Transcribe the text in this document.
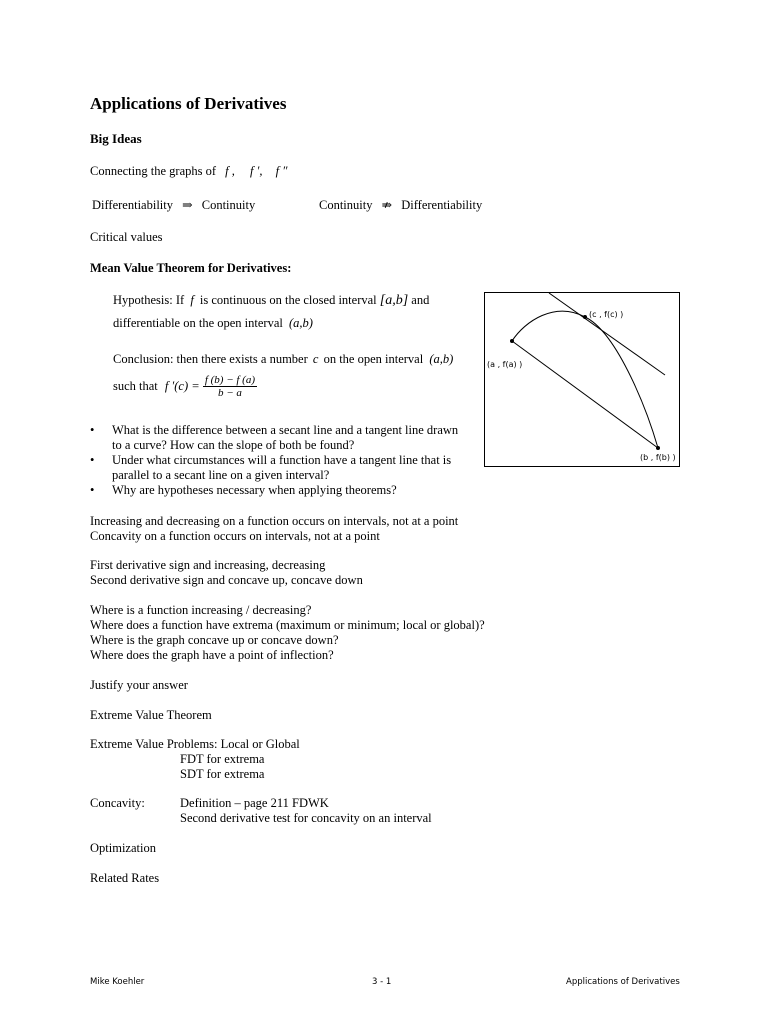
Applications of Derivatives
Big Ideas
Connecting the graphs of f , f ′, f ″
Differentiability ⇒ Continuity	Continuity ⇏ Differentiability
Critical values
Mean Value Theorem for Derivatives:
Hypothesis: If f is continuous on the closed interval [a,b] and
differentiable on the open interval (a,b)
Conclusion: then there exists a number c on the open interval (a,b)
such that f $'(c) = \frac{f (b) - f (a)}{b - a}$
(c , f(c) )
(a , f(a) )
(b , f(b) )
• What is the difference between a secant line and a tangent line drawn
to a curve? How can the slope of both be found?
• Under what circumstances will a function have a tangent line that is
parallel to a secant line on a given interval?
• Why are hypotheses necessary when applying theorems?
Increasing and decreasing on a function occurs on intervals, not at a point
Concavity on a function occurs on intervals, not at a point
First derivative sign and increasing, decreasing
Second derivative sign and concave up, concave down
Where is a function increasing / decreasing?
Where does a function have extrema (maximum or minimum; local or global)?
Where is the graph concave up or concave down?
Where does the graph have a point of inflection?
Justify your answer
Extreme Value Theorem
Extreme Value Problems: Local or Global
FDT for extrema
SDT for extrema
Concavity:	Definition – page 211 FDWK
Second derivative test for concavity on an interval
Optimization
Related Rates
Mike Koehler	3 - 1	Applications of Derivatives
